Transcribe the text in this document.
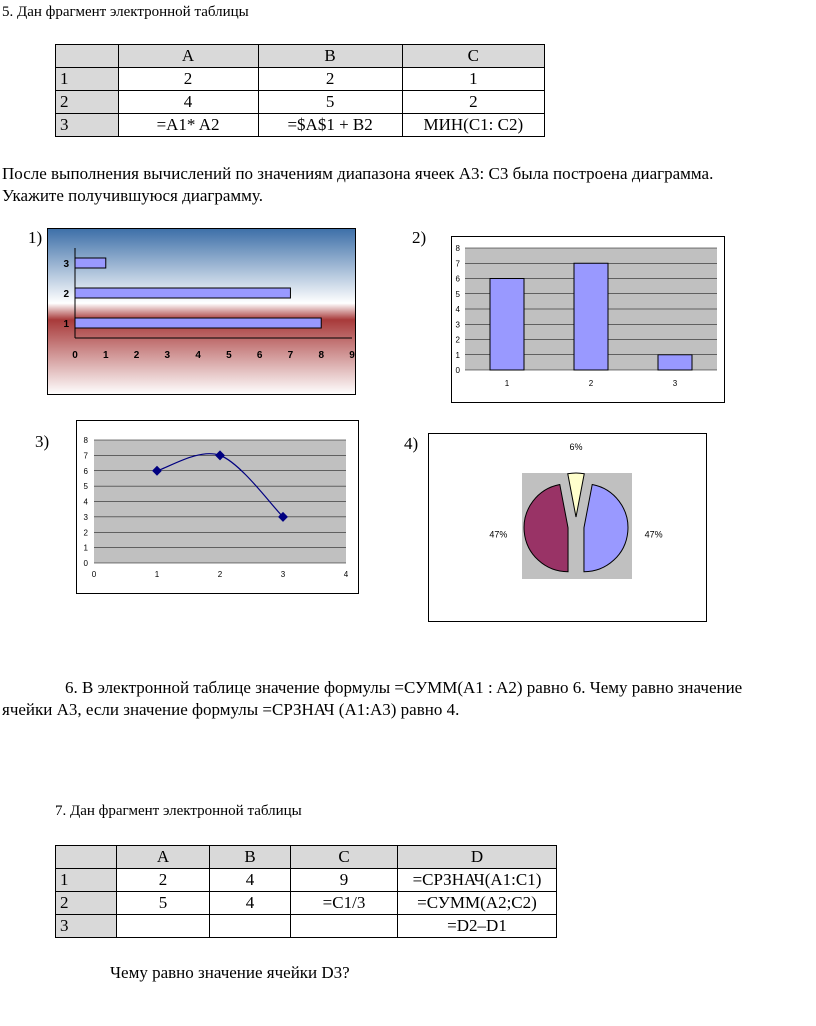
5. Дан фрагмент электронной таблицы
	A	B	C
1	2	2	1
2	4	5	2
3	=A1* A2	=$A$1 + B2	МИН(С1: С2)
После выполнения вычислений по значениям диапазона ячеек А3: С3 была построена диаграмма.
Укажите получившуюся диаграмму.
1)	2)
3)	4)
1
2
3
0	1	2	3	4	5	6	7	8	9
0
1
2
3
4
5
6
7
8
1	2	3
0
1
2
3
4
5
6
7
8
0	1	2	3	4
47%
47%
6%
6. В электронной таблице значение формулы =СУММ(A1 : A2) равно 6. Чему равно значение
ячейки A3, если значение формулы =СРЗНАЧ (A1:A3) равно 4.
7. Дан фрагмент электронной таблицы
	A	B	C	D
1	2	4	9	=СРЗНАЧ(A1:C1)
2	5	4	=C1/3	=СУММ(A2;C2)
3				=D2–D1
Чему равно значение ячейки D3?
